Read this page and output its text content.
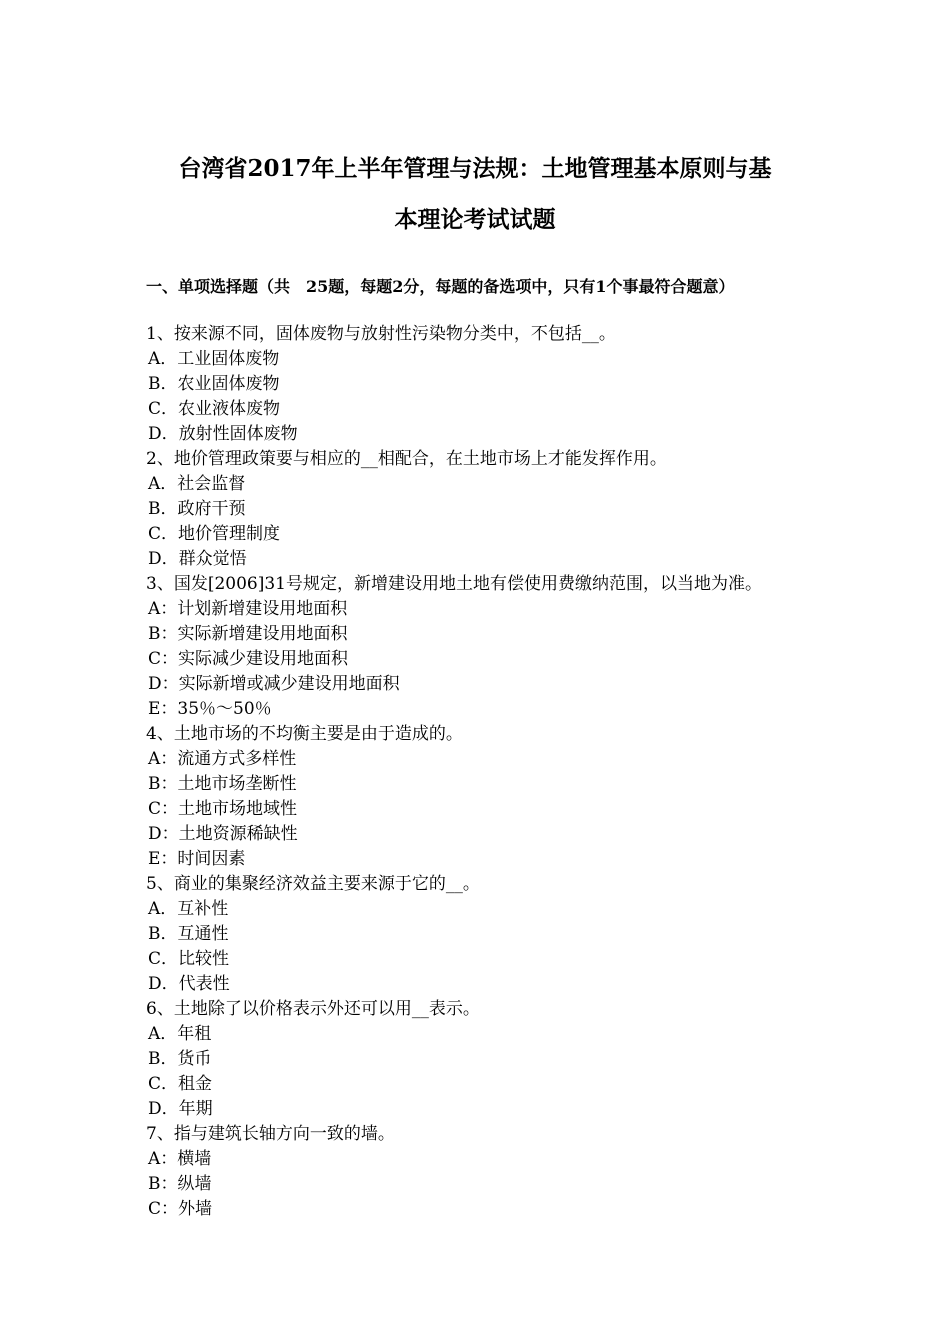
台湾省2017年上半年管理与法规：土地管理基本原则与基
本理论考试试题
一、单项选择题（共　25题，每题2分，每题的备选项中，只有1个事最符合题意）
1、按来源不同，固体废物与放射性污染物分类中，不包括__。
A．工业固体废物
B．农业固体废物
C．农业液体废物
D．放射性固体废物
2、地价管理政策要与相应的__相配合，在土地市场上才能发挥作用。
A．社会监督
B．政府干预
C．地价管理制度
D．群众觉悟
3、国发[2006]31号规定，新增建设用地土地有偿使用费缴纳范围，以当地为准。
A：计划新增建设用地面积
B：实际新增建设用地面积
C：实际减少建设用地面积
D：实际新增或减少建设用地面积
E：35％～50％
4、土地市场的不均衡主要是由于造成的。
A：流通方式多样性
B：土地市场垄断性
C：土地市场地域性
D：土地资源稀缺性
E：时间因素
5、商业的集聚经济效益主要来源于它的__。
A．互补性
B．互通性
C．比较性
D．代表性
6、土地除了以价格表示外还可以用__表示。
A．年租
B．货币
C．租金
D．年期
7、指与建筑长轴方向一致的墙。
A：横墙
B：纵墙
C：外墙
